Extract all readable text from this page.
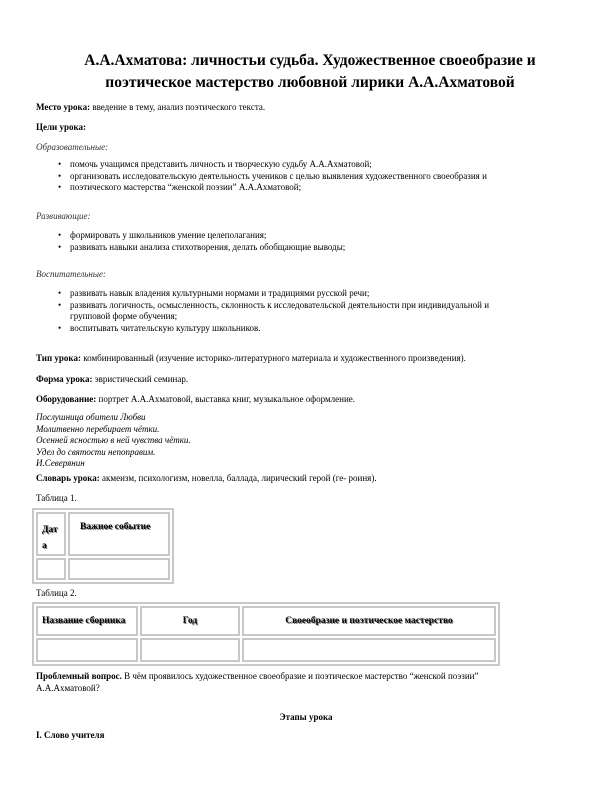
А.А.Ахматова: личностьи судьба. Художественное своеобразие и
поэтическое мастерство любовной лирики А.А.Ахматовой
Место урока: введение в тему, анализ поэтического текста.
Цели урока:
Образовательные:
• помочь учащимся представить личность и творческую судьбу А.А.Ахматовой;
• организовать исследовательскую деятельность учеников с целью выявления художественного своеобразия и
• поэтического мастерства “женской поэзии” А.А.Ахматовой;
Развивающие:
• формировать у школьников умение целеполагания;
• развивать навыки анализа стихотворения, делать обобщающие выводы;
Воспитательные:
• развивать навык владения культурными нормами и традициями русской речи;
• развивать логичность, осмысленность, склонность к исследовательской деятельности при индивидуальной и
групповой форме обучения;
• воспитывать читательскую культуру школьников.
Тип урока: комбинированный (изучение историко-литературного материала и художественного произведения).
Форма урока: эвристический семинар.
Оборудование: портрет А.А.Ахматовой, выставка книг, музыкальное оформление.
Послушница обители Любви
Молитвенно перебирает чётки.
Осенней ясностью в ней чувства чётки.
Удел до святости непоправим.
И.Северянин
Словарь урока: акмеизм, психологизм, новелла, баллада, лирический герой (ге- роиня).
Таблица 1.
Дата	Важное событие

Таблица 2.
Название сборника	Год	Своеобразие и поэтическое мастерство

Проблемный вопрос. В чём проявилось художественное своеобразие и поэтическое мастерство “женской поэзии”
А.А.Ахматовой?
Этапы урока
I. Слово учителя
